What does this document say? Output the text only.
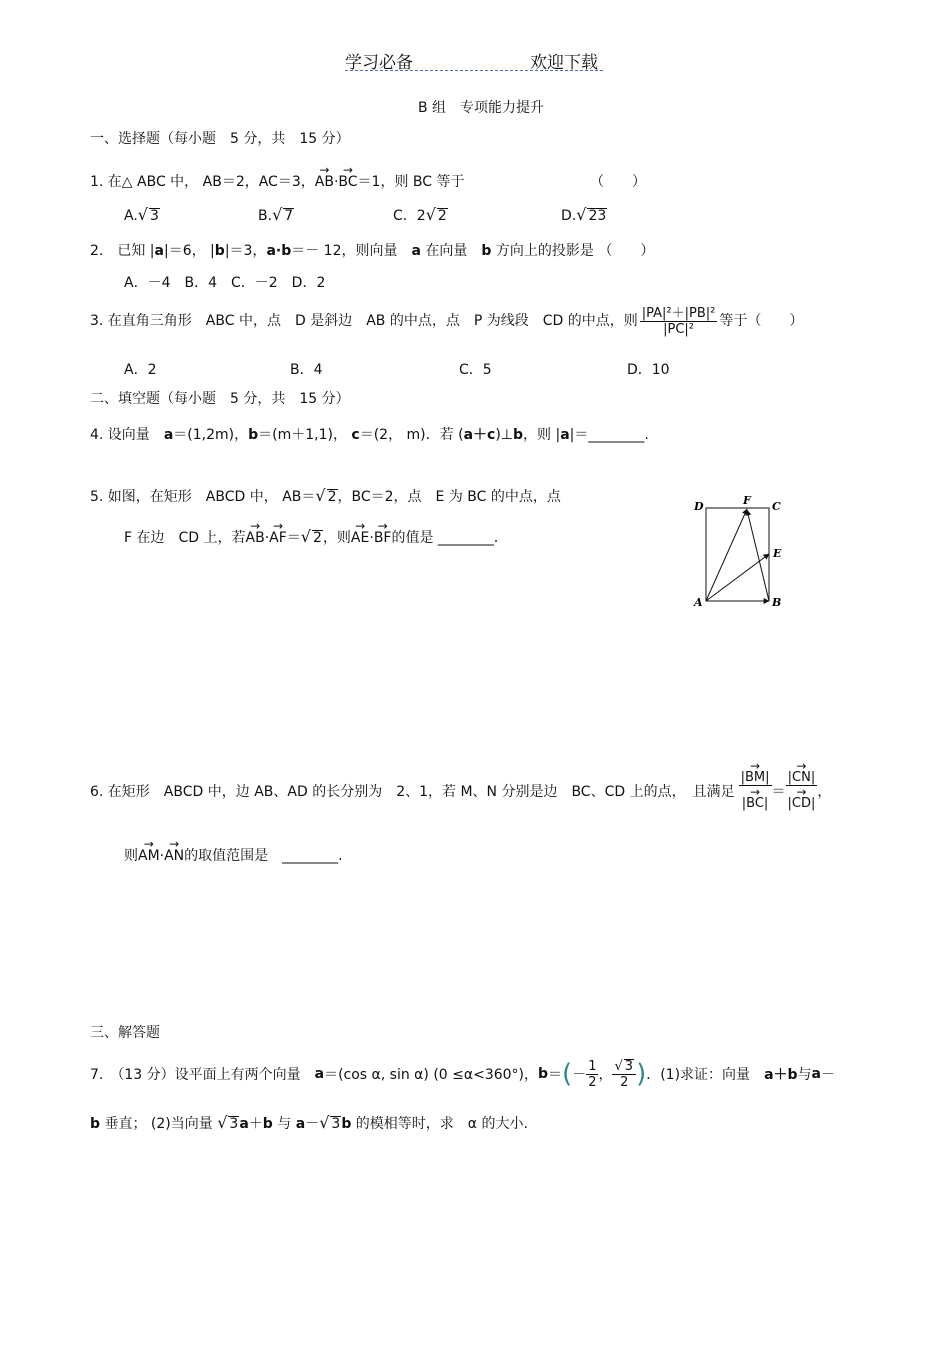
学习必备	欢迎下载
B 组　专项能力提升
一、选择题（每小题　5 分，共　15 分）
1. 在△ ABC 中， AB＝2，AC＝3，→ AB·→ BC＝1，则 BC 等于	（　　）
A.√ 3	B.√ 7	C．2√ 2	D.√ 23
2.　已知 |a|＝6， |b|＝3，a·b＝－ 12，则向量　a 在向量　b 方向上的投影是 （　　）
A．－4　B．4　C．－2　D．2
3. 在直角三角形　ABC 中，点　D 是斜边　AB 的中点，点　P 为线段　CD 的中点，则 $\frac{\text{|PA|²＋|PB|²}}{\text{|PC|²}}$ 等于（　　）
A．2	B．4	C．5	D．10
二、填空题（每小题　5 分，共　15 分）
4. 设向量　a＝(1,2m)，b＝(m＋1,1)， c＝(2， m)．若 (a＋c)⊥b，则 |a|＝________.
5. 如图，在矩形　ABCD 中， AB＝√ 2，BC＝2，点　E 为 BC 的中点，点
F 在边　CD 上，若→ AB·→ AF＝√ 2，则→ AE·→ BF的值是 ________．
D	F C
E
A	B
6. 在矩形　ABCD 中，边 AB、AD 的长分别为　2、1，若 M、N 分别是边　BC、CD 上的点，　且满足 → |BM|
→ |BC| ＝ → |CN|
→ |CD| ，
则→ AM·→ AN的取值范围是　________.
三、解答题
7.　（13 分）设平面上有两个向量　 a ＝(cos α, sin α) (0 ≤α<360°)， b ＝ ( － $\frac{1}{2}$ ， $\frac{√ 3}{2}$ ) ．(1)求证：向量　 a＋b 与 a －
b 垂直； (2)当向量 √ 3a＋b 与 a－√ 3b 的模相等时，求　α 的大小.
